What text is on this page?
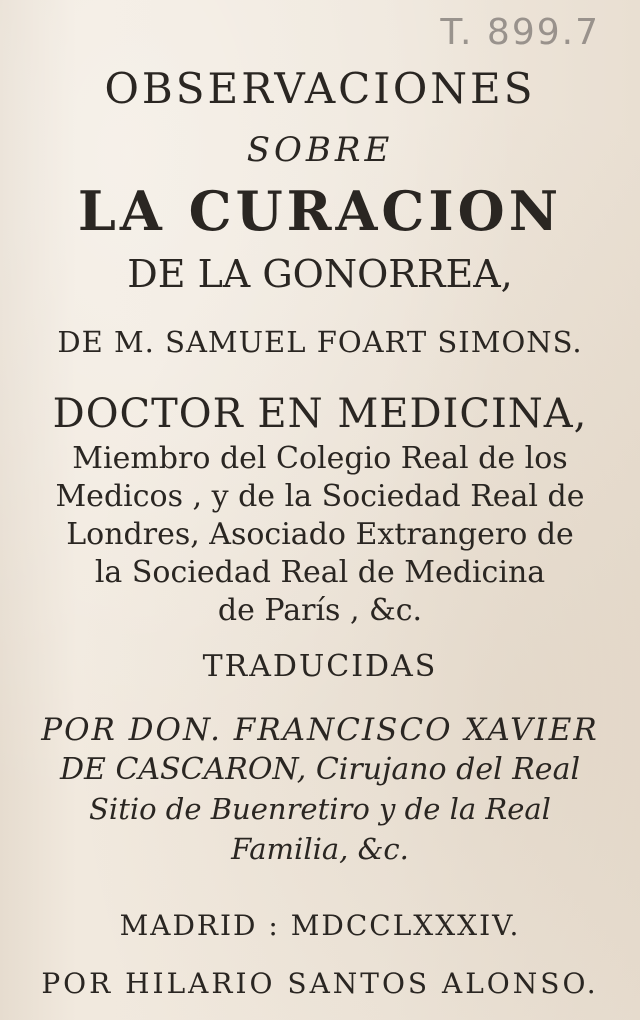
T. 899.7
OBSERVACIONES
SOBRE
LA CURACION
DE LA GONORREA,
DE M. SAMUEL FOART SIMONS.
DOCTOR EN MEDICINA,
Miembro del Colegio Real de los
Medicos , y de la Sociedad Real de
Londres, Asociado Extrangero de
la Sociedad Real de Medicina
de París , &c.
TRADUCIDAS
POR DON. FRANCISCO XAVIER
DE CASCARON, Cirujano del Real
Sitio de Buenretiro y de la Real
Familia, &c.
MADRID : MDCCLXXXIV.
POR HILARIO SANTOS ALONSO.
